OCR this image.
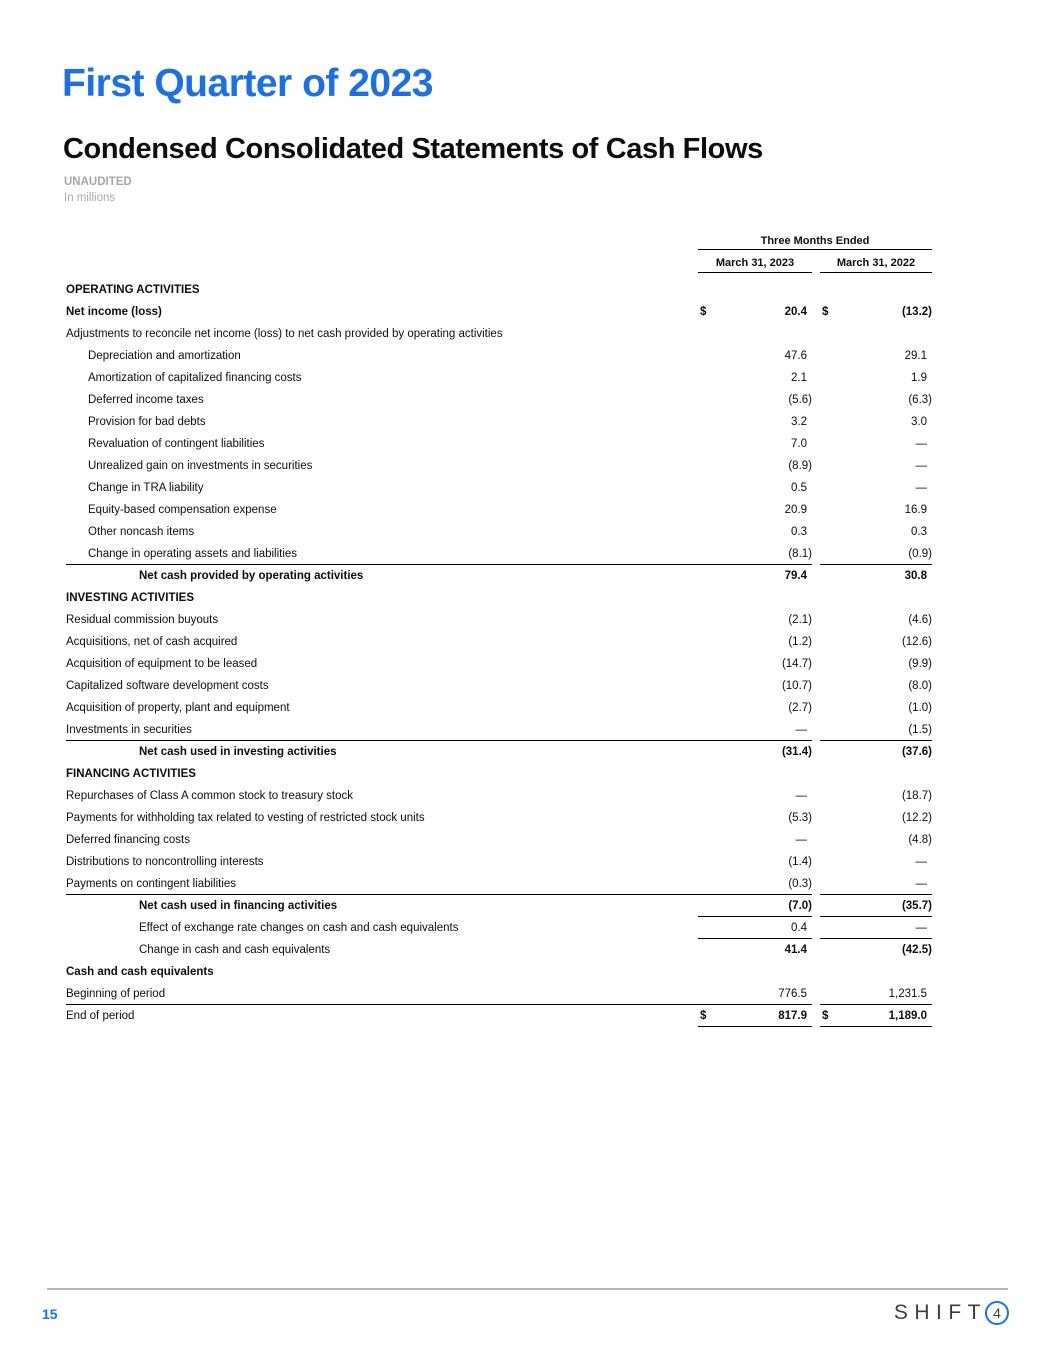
First Quarter of 2023
Condensed Consolidated Statements of Cash Flows
UNAUDITED
In millions
Three Months Ended
March 31, 2023	March 31, 2022
OPERATING ACTIVITIES
Net income (loss)	$	20.4	$	(13.2)
Adjustments to reconcile net income (loss) to net cash provided by operating activities
Depreciation and amortization	47.6	29.1
Amortization of capitalized financing costs	2.1	1.9
Deferred income taxes	(5.6)	(6.3)
Provision for bad debts	3.2	3.0
Revaluation of contingent liabilities	7.0	—
Unrealized gain on investments in securities	(8.9)	—
Change in TRA liability	0.5	—
Equity-based compensation expense	20.9	16.9
Other noncash items	0.3	0.3
Change in operating assets and liabilities	(8.1)	(0.9)
Net cash provided by operating activities	79.4	30.8
INVESTING ACTIVITIES
Residual commission buyouts	(2.1)	(4.6)
Acquisitions, net of cash acquired	(1.2)	(12.6)
Acquisition of equipment to be leased	(14.7)	(9.9)
Capitalized software development costs	(10.7)	(8.0)
Acquisition of property, plant and equipment	(2.7)	(1.0)
Investments in securities	—	(1.5)
Net cash used in investing activities	(31.4)	(37.6)
FINANCING ACTIVITIES
Repurchases of Class A common stock to treasury stock	—	(18.7)
Payments for withholding tax related to vesting of restricted stock units	(5.3)	(12.2)
Deferred financing costs	—	(4.8)
Distributions to noncontrolling interests	(1.4)	—
Payments on contingent liabilities	(0.3)	—
Net cash used in financing activities	(7.0)	(35.7)
Effect of exchange rate changes on cash and cash equivalents	0.4	—
Change in cash and cash equivalents	41.4	(42.5)
Cash and cash equivalents
Beginning of period	776.5	1,231.5
End of period	$	817.9	$	1,189.0
15	SHIFT 4
